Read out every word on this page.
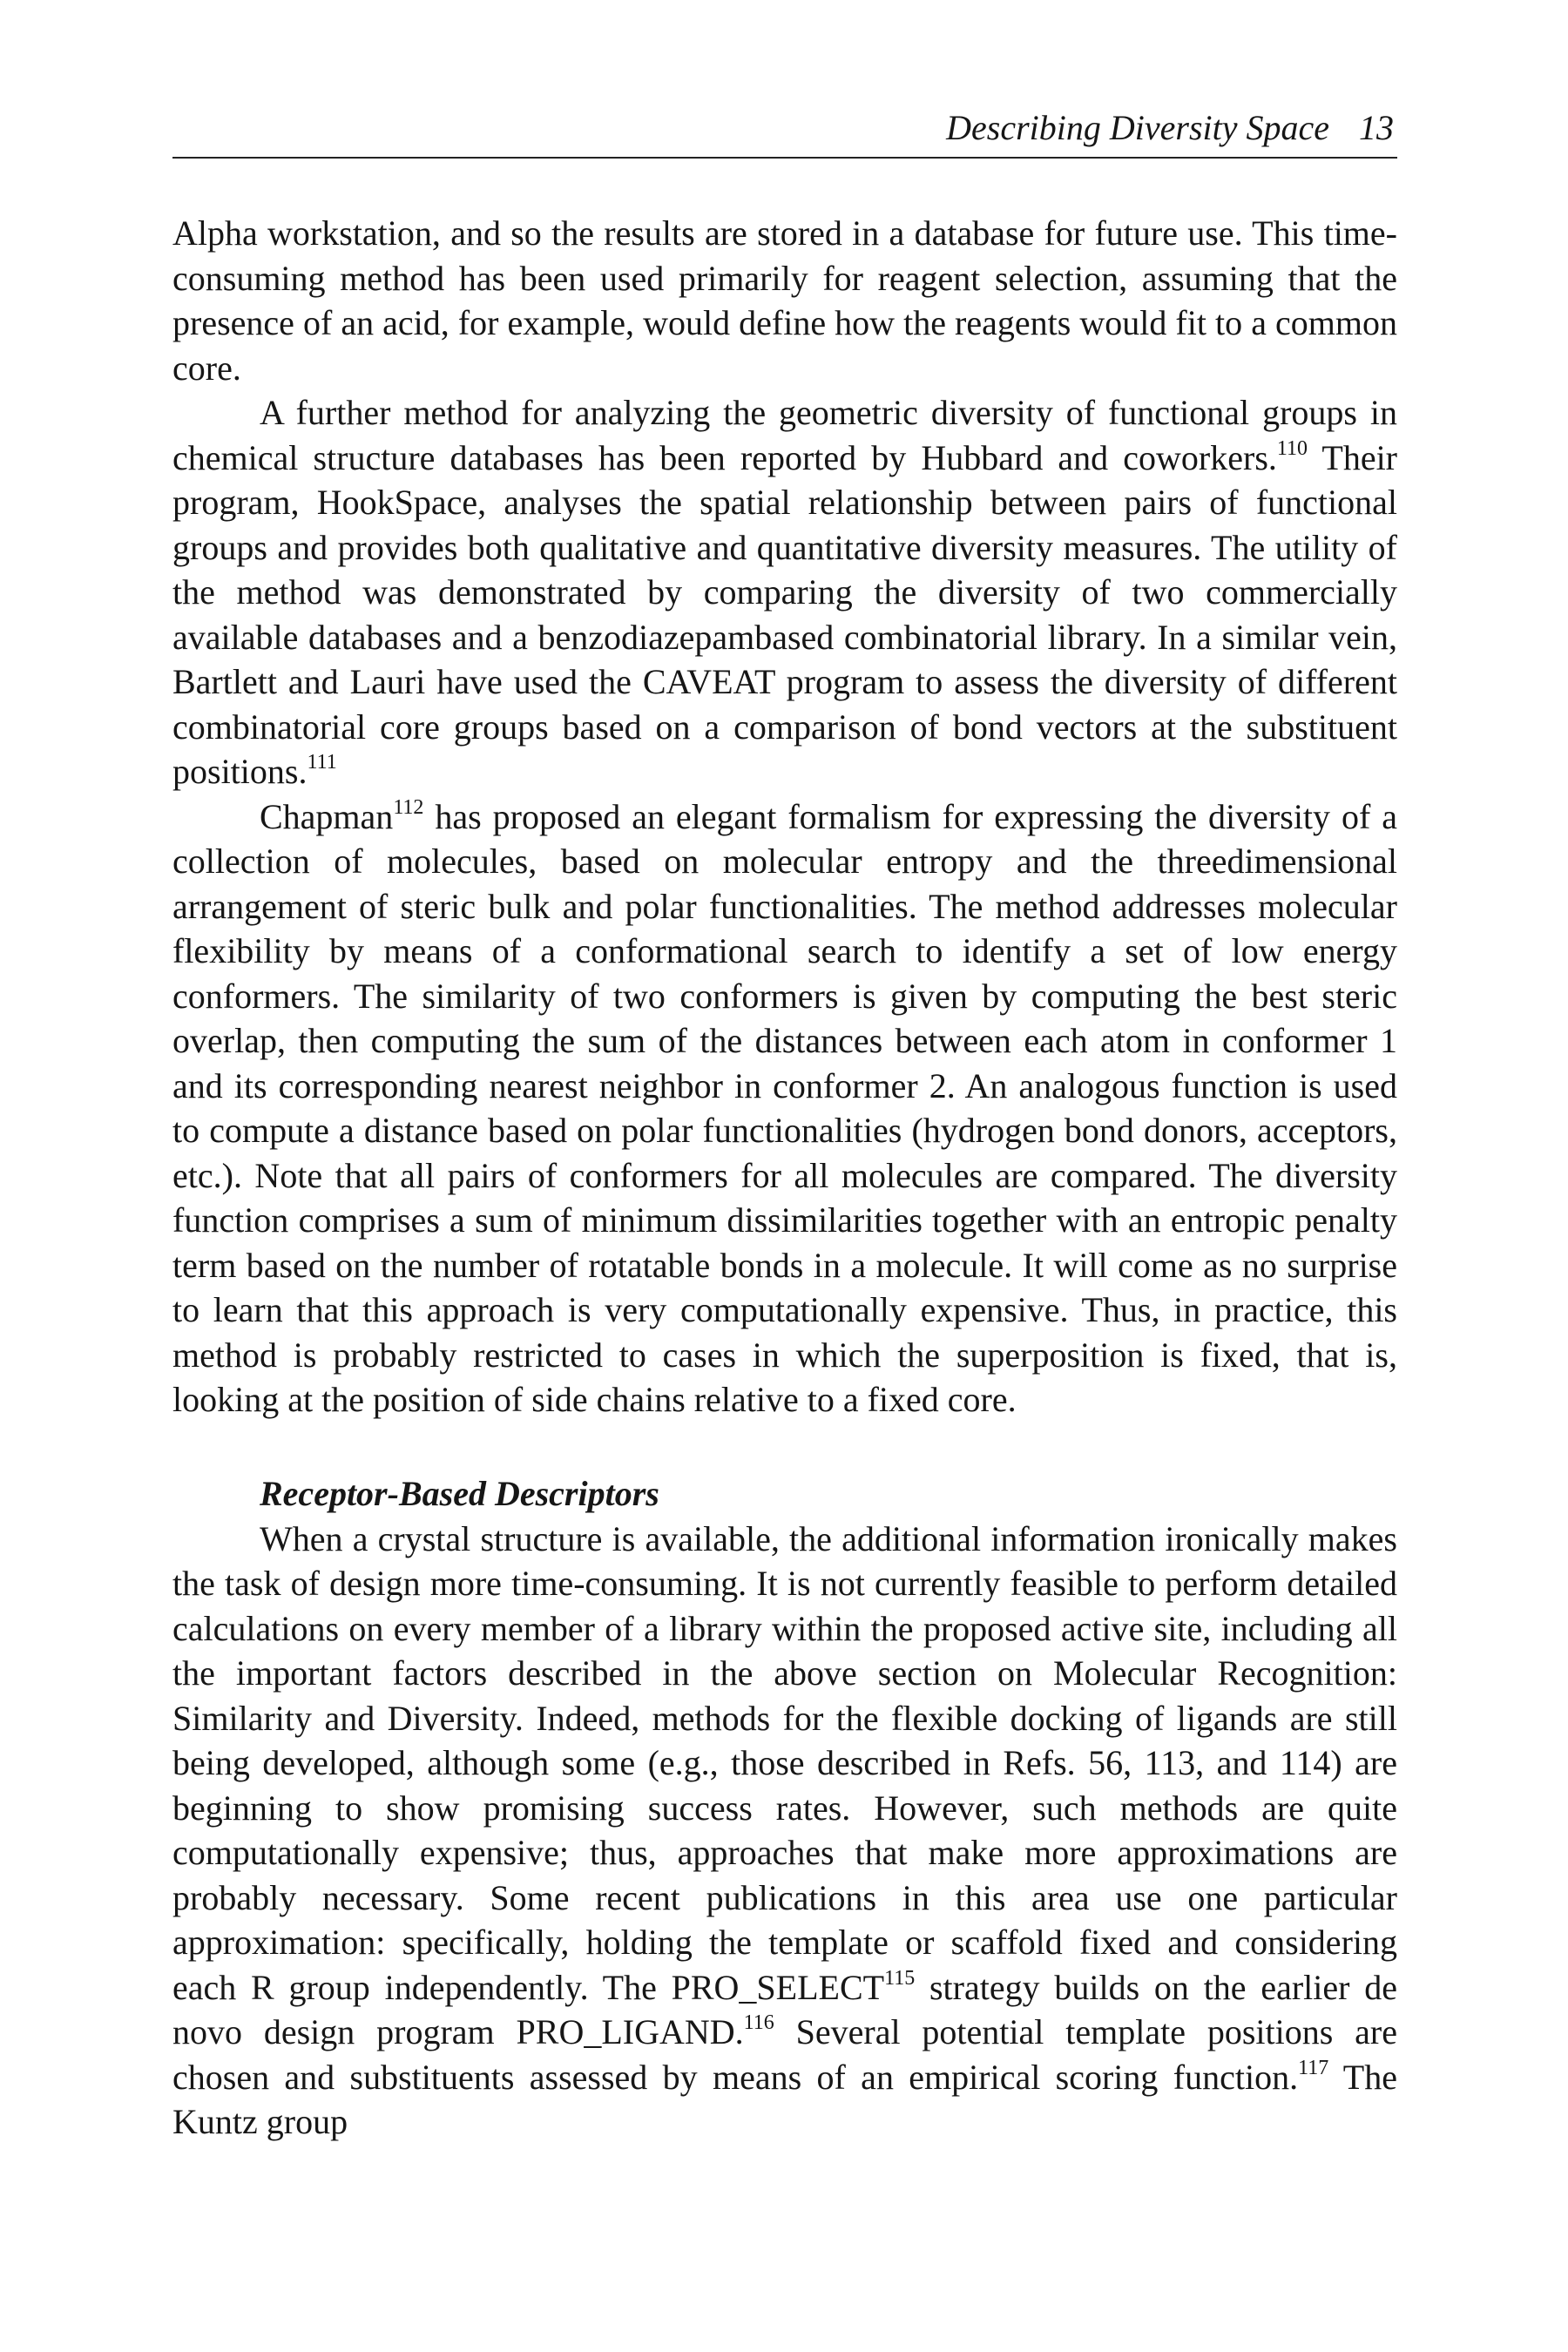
Describing Diversity Space 13

Alpha workstation, and so the results are stored in a database for future use. This time-consuming method has been used primarily for reagent selection, assuming that the presence of an acid, for example, would define how the reagents would fit to a common core.

A further method for analyzing the geometric diversity of functional groups in chemical structure databases has been reported by Hubbard and coworkers.$^{110}$ Their program, HookSpace, analyses the spatial relationship between pairs of functional groups and provides both qualitative and quantitative diversity measures. The utility of the method was demonstrated by comparing the diversity of two commercially available databases and a benzodiazepambased combinatorial library. In a similar vein, Bartlett and Lauri have used the CAVEAT program to assess the diversity of different combinatorial core groups based on a comparison of bond vectors at the substituent positions.$^{111}$

Chapman$^{112}$ has proposed an elegant formalism for expressing the diversity of a collection of molecules, based on molecular entropy and the threedimensional arrangement of steric bulk and polar functionalities. The method addresses molecular flexibility by means of a conformational search to identify a set of low energy conformers. The similarity of two conformers is given by computing the best steric overlap, then computing the sum of the distances between each atom in conformer 1 and its corresponding nearest neighbor in conformer 2. An analogous function is used to compute a distance based on polar functionalities (hydrogen bond donors, acceptors, etc.). Note that all pairs of conformers for all molecules are compared. The diversity function comprises a sum of minimum dissimilarities together with an entropic penalty term based on the number of rotatable bonds in a molecule. It will come as no surprise to learn that this approach is very computationally expensive. Thus, in practice, this method is probably restricted to cases in which the superposition is fixed, that is, looking at the position of side chains relative to a fixed core.

Receptor-Based Descriptors

When a crystal structure is available, the additional information ironically makes the task of design more time-consuming. It is not currently feasible to perform detailed calculations on every member of a library within the proposed active site, including all the important factors described in the above section on Molecular Recognition: Similarity and Diversity. Indeed, methods for the flexible docking of ligands are still being developed, although some (e.g., those described in Refs. 56, 113, and 114) are beginning to show promising success rates. However, such methods are quite computationally expensive; thus, approaches that make more approximations are probably necessary. Some recent publications in this area use one particular approximation: specifically, holding the template or scaffold fixed and considering each R group independently. The PRO_SELECT$^{115}$ strategy builds on the earlier de novo design program PRO_LIGAND.$^{116}$ Several potential template positions are chosen and substituents assessed by means of an empirical scoring function.$^{117}$ The Kuntz group
